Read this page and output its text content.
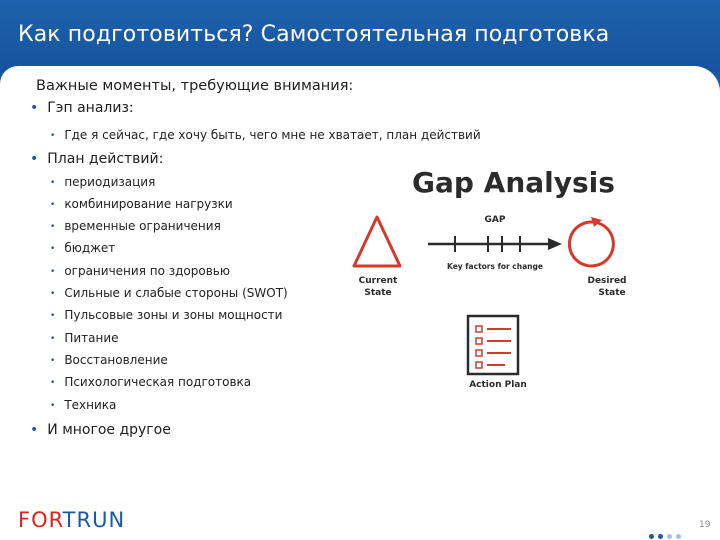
Как подготовиться? Самостоятельная подготовка
Важные моменты, требующие внимания:
• Гэп анализ:
• Где я сейчас, где хочу быть, чего мне не хватает, план действий
• План действий:
• периодизация
• комбинирование нагрузки
• временные ограничения
• бюджет
• ограничения по здоровью
• Сильные и слабые стороны (SWOT)
• Пульсовые зоны и зоны мощности
• Питание
• Восстановление
• Психологическая подготовка
• Техника
• И многое другое
Gap Analysis
GAP
Current
State
Key factors for change
Desired
State
Action Plan
FORTRUN	19
